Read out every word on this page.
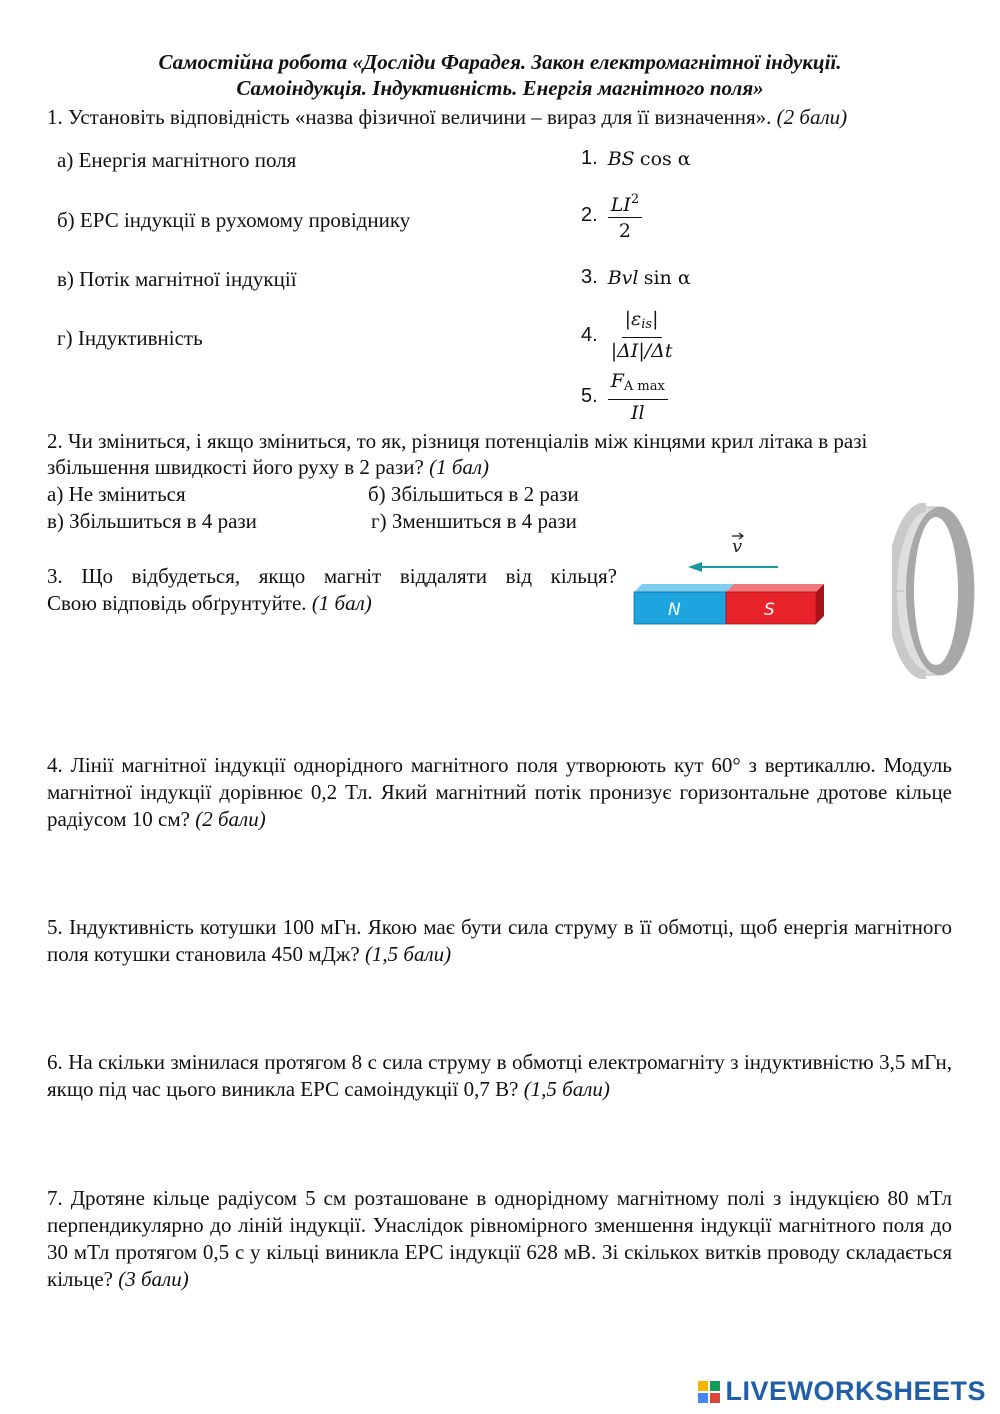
Самостійна робота «Досліди Фарадея. Закон електромагнітної індукції.
Самоіндукція. Індуктивність. Енергія магнітного поля»
1. Установіть відповідність «назва фізичної величини – вираз для її визначення». (2 бали)
а) Енергія магнітного поля
б) ЕРС індукції в рухомому провіднику
в) Потік магнітної індукції
г) Індуктивність
1. BS
cos α
2. $\frac{LI^2}{2}$
3. Bvl
sin α
4. $\frac{|\varepsilon_{is}|}{|\Delta I|/\Delta t}$
5. $\frac{F_{A max}}{Il}$
2. Чи зміниться, і якщо зміниться, то як, різниця потенціалів між кінцями крил літака в разі
збільшення швидкості його руху в 2 рази? (1 бал)
а) Не зміниться	б) Збільшиться в 2 рази
в) Збільшиться в 4 рази	г) Зменшиться в 4 рази
3. Що відбудеться, якщо магніт віддаляти від кільця?
Свою відповідь обґрунтуйте. (1 бал)
v
N	S
4. Лінії магнітної індукції однорідного магнітного поля утворюють кут 60° з вертикаллю. Модуль магнітної індукції дорівнює 0,2 Тл. Який магнітний потік пронизує горизонтальне дротове кільце радіусом 10 см? (2 бали)
5. Індуктивність котушки 100 мГн. Якою має бути сила струму в її обмотці, щоб енергія магнітного поля котушки становила 450 мДж? (1,5 бали)
6. На скільки змінилася протягом 8 с сила струму в обмотці електромагніту з індуктивністю 3,5 мГн, якщо під час цього виникла ЕРС самоіндукції 0,7 В? (1,5 бали)
7. Дротяне кільце радіусом 5 см розташоване в однорідному магнітному полі з індукцією 80 мТл перпендикулярно до ліній індукції. Унаслідок рівномірного зменшення індукції магнітного поля до 30 мТл протягом 0,5 с у кільці виникла ЕРС індукції 628 мВ. Зі скількох витків проводу складається кільце? (3 бали)
LIVEWORKSHEETS
